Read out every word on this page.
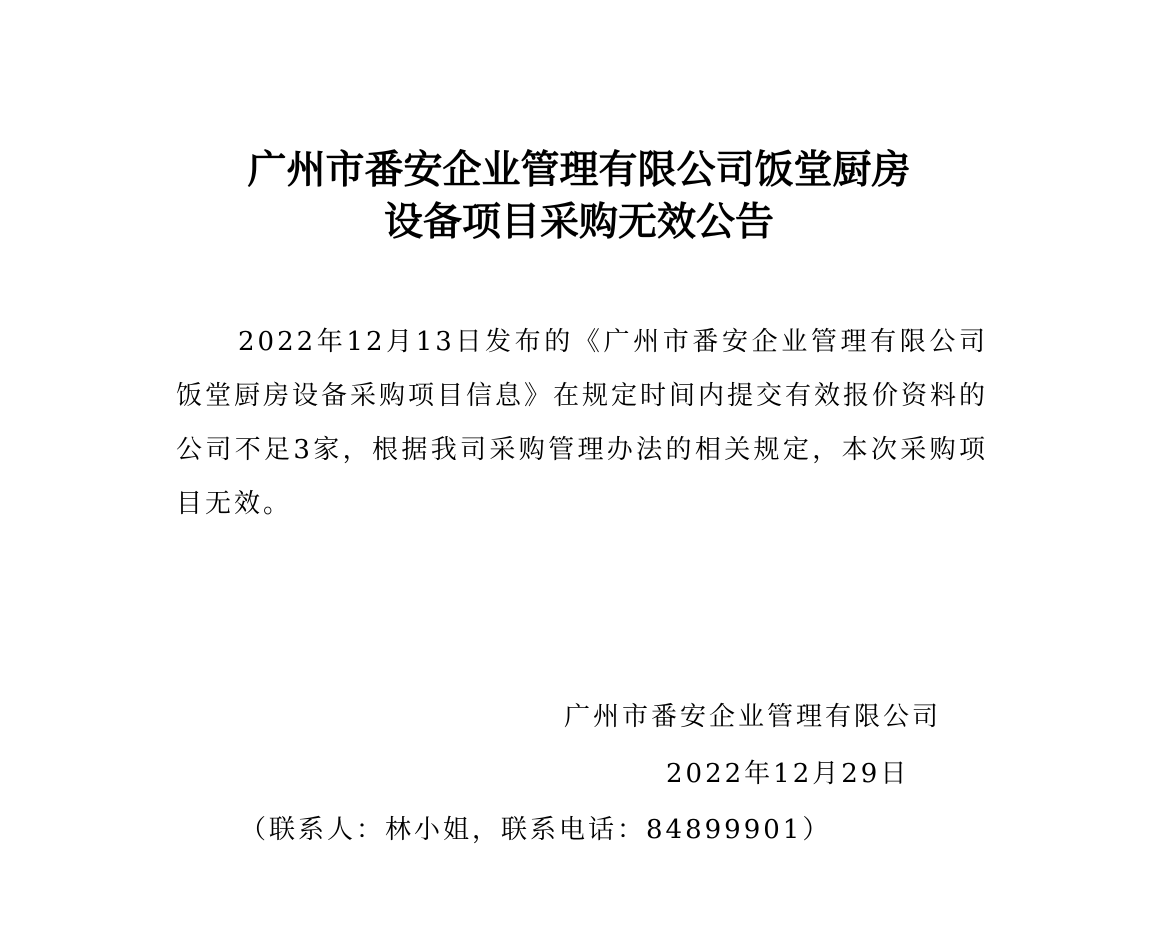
广州市番安企业管理有限公司饭堂厨房
设备项目采购无效公告

2022年12月13日发布的《广州市番安企业管理有限公司饭堂厨房设备采购项目信息》在规定时间内提交有效报价资料的公司不足3家，根据我司采购管理办法的相关规定，本次采购项目无效。

广州市番安企业管理有限公司

2022年12月29日

（联系人：林小姐，联系电话：84899901）
